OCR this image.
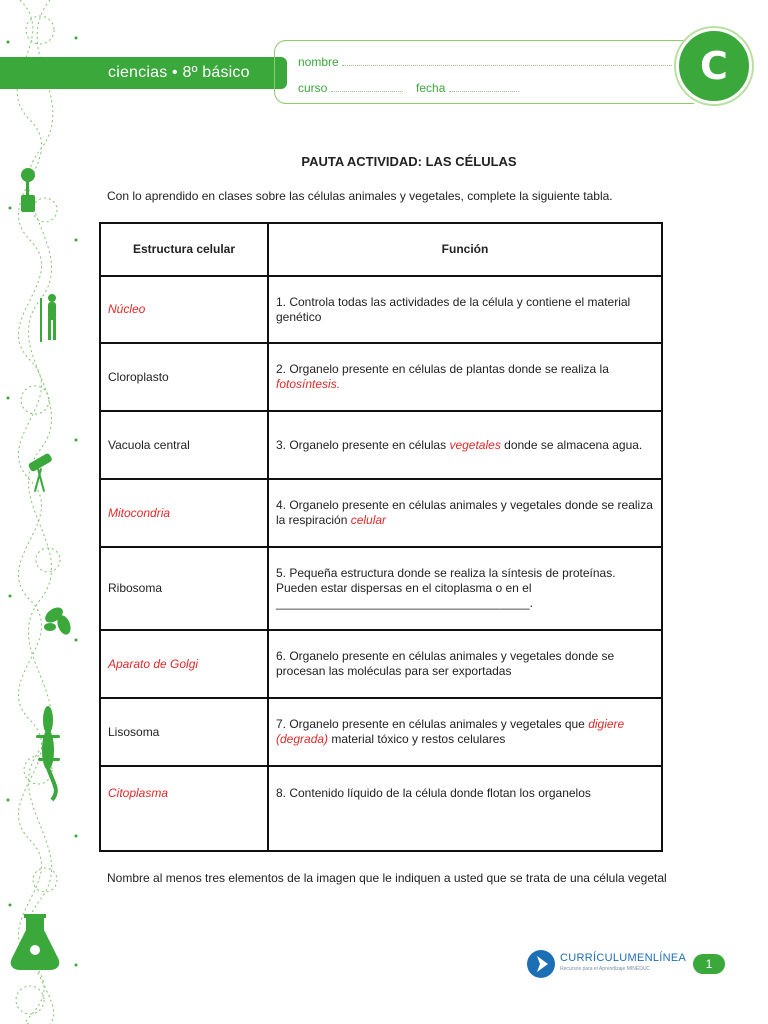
ciencias • 8º básico
nombre
curso	fecha	C
PAUTA ACTIVIDAD: LAS CÉLULAS
Con lo aprendido en clases sobre las células animales y vegetales, complete la siguiente tabla.
Estructura celular	Función
Núcleo	1. Controla todas las actividades de la célula y contiene el material genético
Cloroplasto	2. Organelo presente en células de plantas donde se realiza la fotosíntesis.
Vacuola central	3. Organelo presente en células vegetales donde se almacena agua.
Mitocondria	4. Organelo presente en células animales y vegetales donde se realiza la respiración celular
Ribosoma	5. Pequeña estructura donde se realiza la síntesis de proteínas. Pueden estar dispersas en el citoplasma o en el ______________________________________.
Aparato de Golgi	6. Organelo presente en células animales y vegetales donde se procesan las moléculas para ser exportadas
Lisosoma	7. Organelo presente en células animales y vegetales que digiere (degrada) material tóxico y restos celulares
Citoplasma	8. Contenido líquido de la célula donde flotan los organelos
Nombre al menos tres elementos de la imagen que le indiquen a usted que se trata de una célula vegetal
CURRÍCULUMENLÍNEA
Recursos para el Aprendizaje MINEDUC	1
